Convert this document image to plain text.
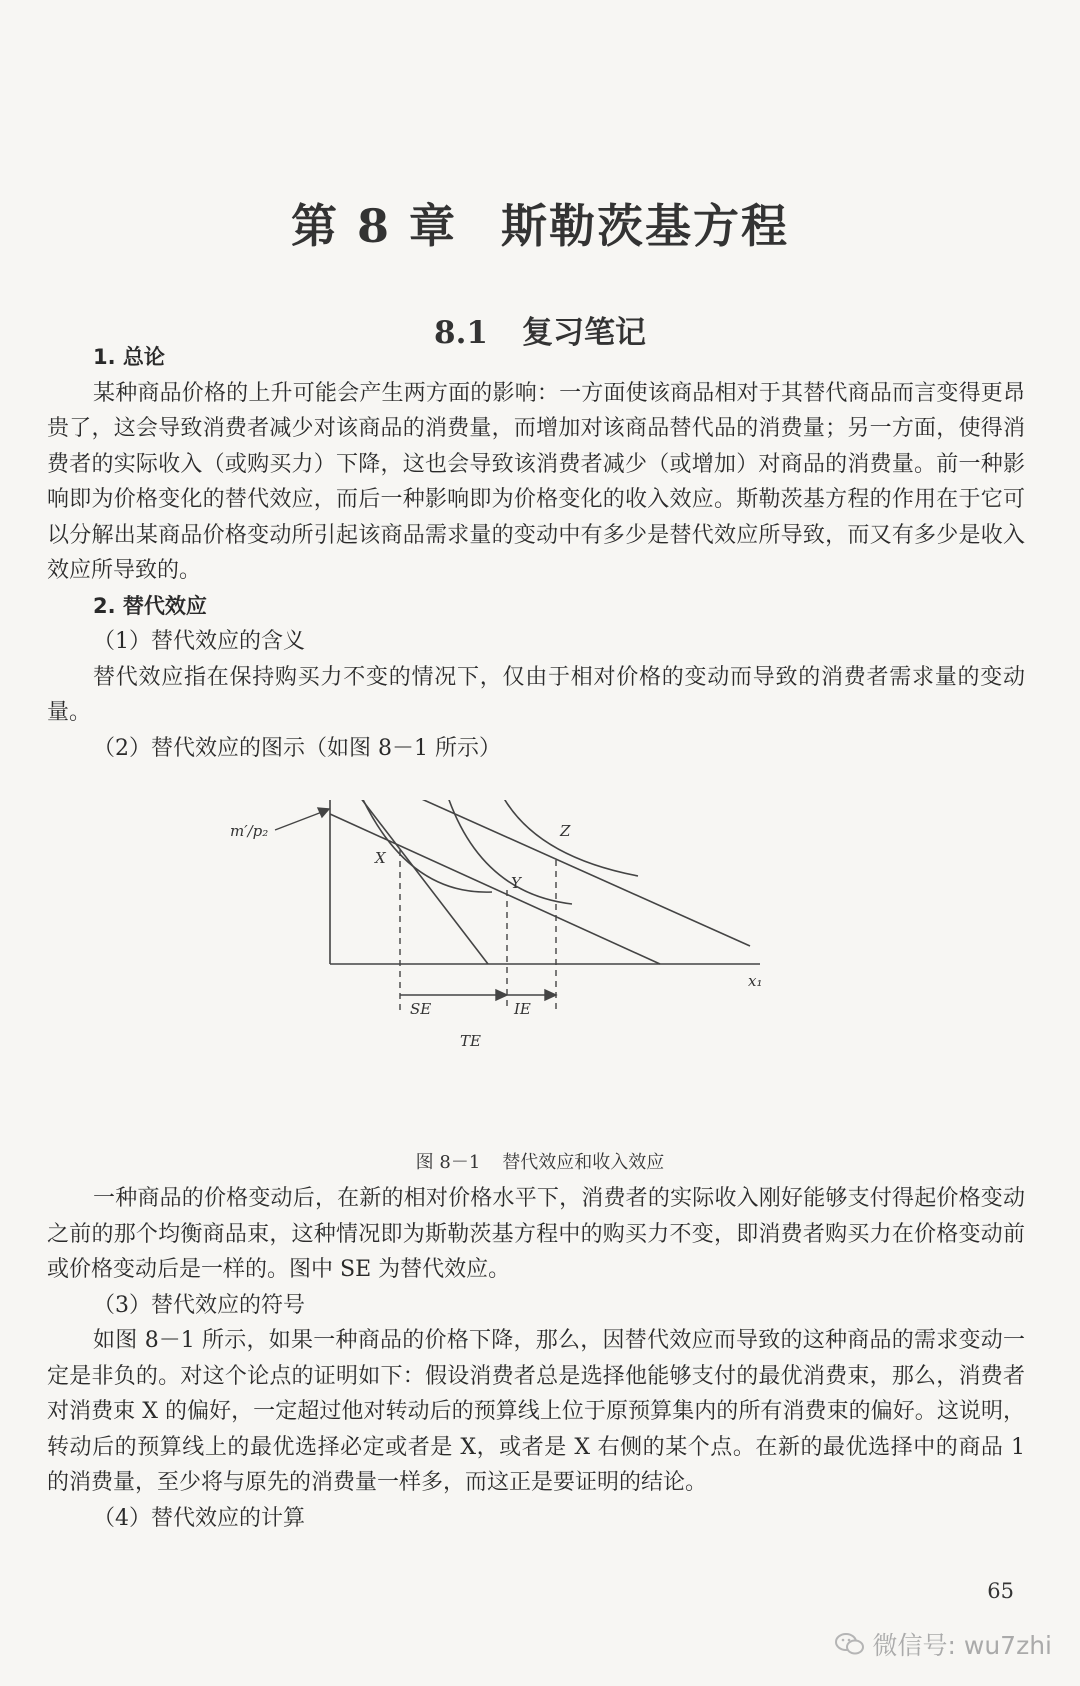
第 8 章 斯勒茨基方程
8.1 复习笔记

1. 总论

某种商品价格的上升可能会产生两方面的影响：一方面使该商品相对于其替代商品而言变得更昂贵了，这会导致消费者减少对该商品的消费量，而增加对该商品替代品的消费量；另一方面，使得消费者的实际收入（或购买力）下降，这也会导致该消费者减少（或增加）对商品的消费量。前一种影响即为价格变化的替代效应，而后一种影响即为价格变化的收入效应。斯勒茨基方程的作用在于它可以分解出某商品价格变动所引起该商品需求量的变动中有多少是替代效应所导致，而又有多少是收入效应所导致的。

2. 替代效应

（1）替代效应的含义

替代效应指在保持购买力不变的情况下，仅由于相对价格的变动而导致的消费者需求量的变动量。

（2）替代效应的图示（如图 8－1 所示）

x₁
m′/p₂
X
Y
Z
SE	IE
TE
图 8－1 替代效应和收入效应

一种商品的价格变动后，在新的相对价格水平下，消费者的实际收入刚好能够支付得起价格变动之前的那个均衡商品束，这种情况即为斯勒茨基方程中的购买力不变，即消费者购买力在价格变动前或价格变动后是一样的。图中 SE 为替代效应。

（3）替代效应的符号

如图 8－1 所示，如果一种商品的价格下降，那么，因替代效应而导致的这种商品的需求变动一定是非负的。对这个论点的证明如下：假设消费者总是选择他能够支付的最优消费束，那么，消费者对消费束 X 的偏好，一定超过他对转动后的预算线上位于原预算集内的所有消费束的偏好。这说明，转动后的预算线上的最优选择必定或者是 X，或者是 X 右侧的某个点。在新的最优选择中的商品 1 的消费量，至少将与原先的消费量一样多，而这正是要证明的结论。

（4）替代效应的计算

65
微信号: wu7zhi
